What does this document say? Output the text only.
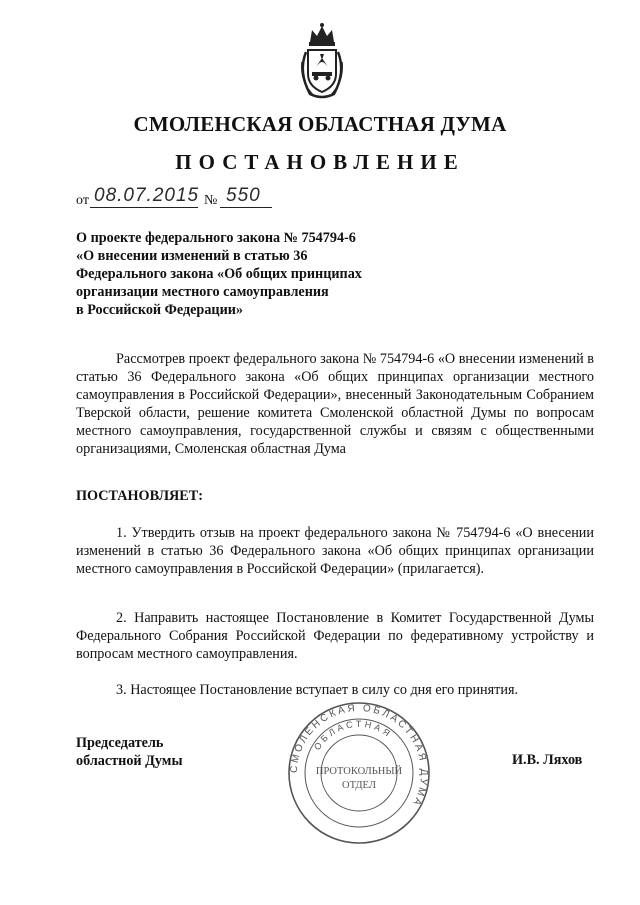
СМОЛЕНСКАЯ ОБЛАСТНАЯ ДУМА
ПОСТАНОВЛЕНИЕ
от 08.07.2015 № 550
О проекте федерального закона № 754794-6
«О внесении изменений в статью 36
Федерального закона «Об общих принципах
организации местного самоуправления
в Российской Федерации»
Рассмотрев проект федерального закона № 754794-6 «О внесении изменений в статью 36 Федерального закона «Об общих принципах организации местного самоуправления в Российской Федерации», внесенный Законодательным Собранием Тверской области, решение комитета Смоленской областной Думы по вопросам местного самоуправления, государственной службы и связям с общественными организациями, Смоленская областная Дума
ПОСТАНОВЛЯЕТ:
1. Утвердить отзыв на проект федерального закона № 754794-6 «О внесении изменений в статью 36 Федерального закона «Об общих принципах организации местного самоуправления в Российской Федерации» (прилагается).
2. Направить настоящее Постановление в Комитет Государственной Думы Федерального Собрания Российской Федерации по федеративному устройству и вопросам местного самоуправления.
3. Настоящее Постановление вступает в силу со дня его принятия.
Председатель
областной Думы	И.В. Ляхов
СМОЛЕНСКАЯ ОБЛАСТНАЯ ДУМА
ОБЛАСТНАЯ
ПРОТОКОЛЬНЫЙ
ОТДЕЛ
